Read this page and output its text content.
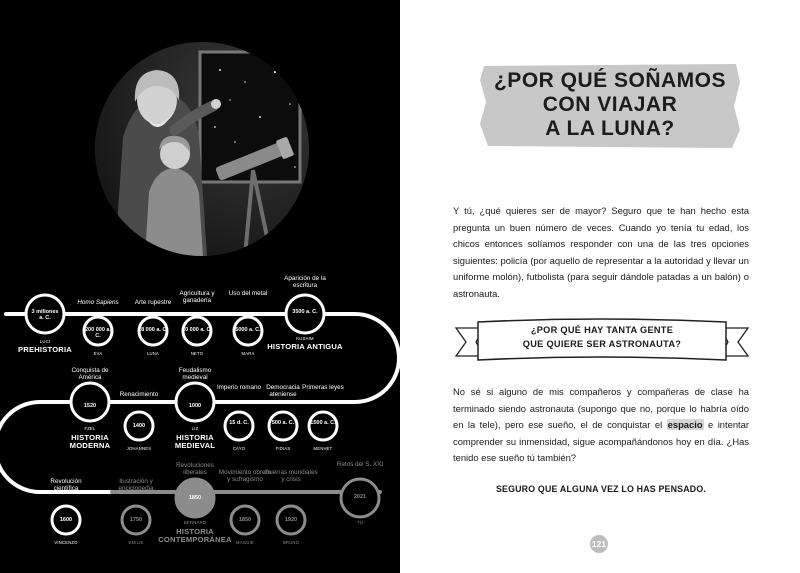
3 millones a. C.
LUCI
PREHISTORIA
Homo Sapiens
200 000 a. C.
EVA
Arte rupestre
18 000 a. C.
LUNA
Agricultura y ganadería
10 000 a. C.
NETO
Uso del metal
5000 a. C.
MARA
Aparición de la escritura
3500 a. C.
KUSHIM
HISTORIA ANTIGUA
Conquista de América
1520
FZEL
HISTORIA MODERNA
Renacimiento
1400
JOHANNES
Feudalismo medieval
1000
LIZ
HISTORIA MEDIEVAL
Imperio romano
15 d. C.
CAYO
Democracia ateniense
500 a. C.
FIDIAS
Primeras leyes
1500 a. C.
MENHET
Revolución científica
1600
VINCENZO
Ilustración y enciclopedia
1750
EMILIE
Revoluciones liberales
1850
BERNARD
HISTORIA CONTEMPORÁNEA
Movimiento obrero y sufragismo
1850
MAGGIE
Guerras mundiales y crisis
1920
BRUNO
Retos del S. XXI
2021
TÚ
¿POR QUÉ SOÑAMOS
CON VIAJAR
A LA LUNA?

Y tú, ¿qué quieres ser de mayor? Seguro que te han hecho esta pregunta un buen número de veces. Cuando yo tenía tu edad, los chicos entonces solíamos responder con una de las tres opciones siguientes: policía (por aquello de representar a la autoridad y llevar un uniforme molón), futbolista (para seguir dándole patadas a un balón) o astronauta.

¿POR QUÉ HAY TANTA GENTE
QUE QUIERE SER ASTRONAUTA?

No sé si alguno de mis compañeros y compañeras de clase ha terminado siendo astronauta (supongo que no, porque lo habría oído en la tele), pero ese sueño, el de conquistar el espacio e intentar comprender su inmensidad, sigue acompañándonos hoy en día. ¿Has tenido ese sueño tú también?

SEGURO QUE ALGUNA VEZ LO HAS PENSADO.
121
